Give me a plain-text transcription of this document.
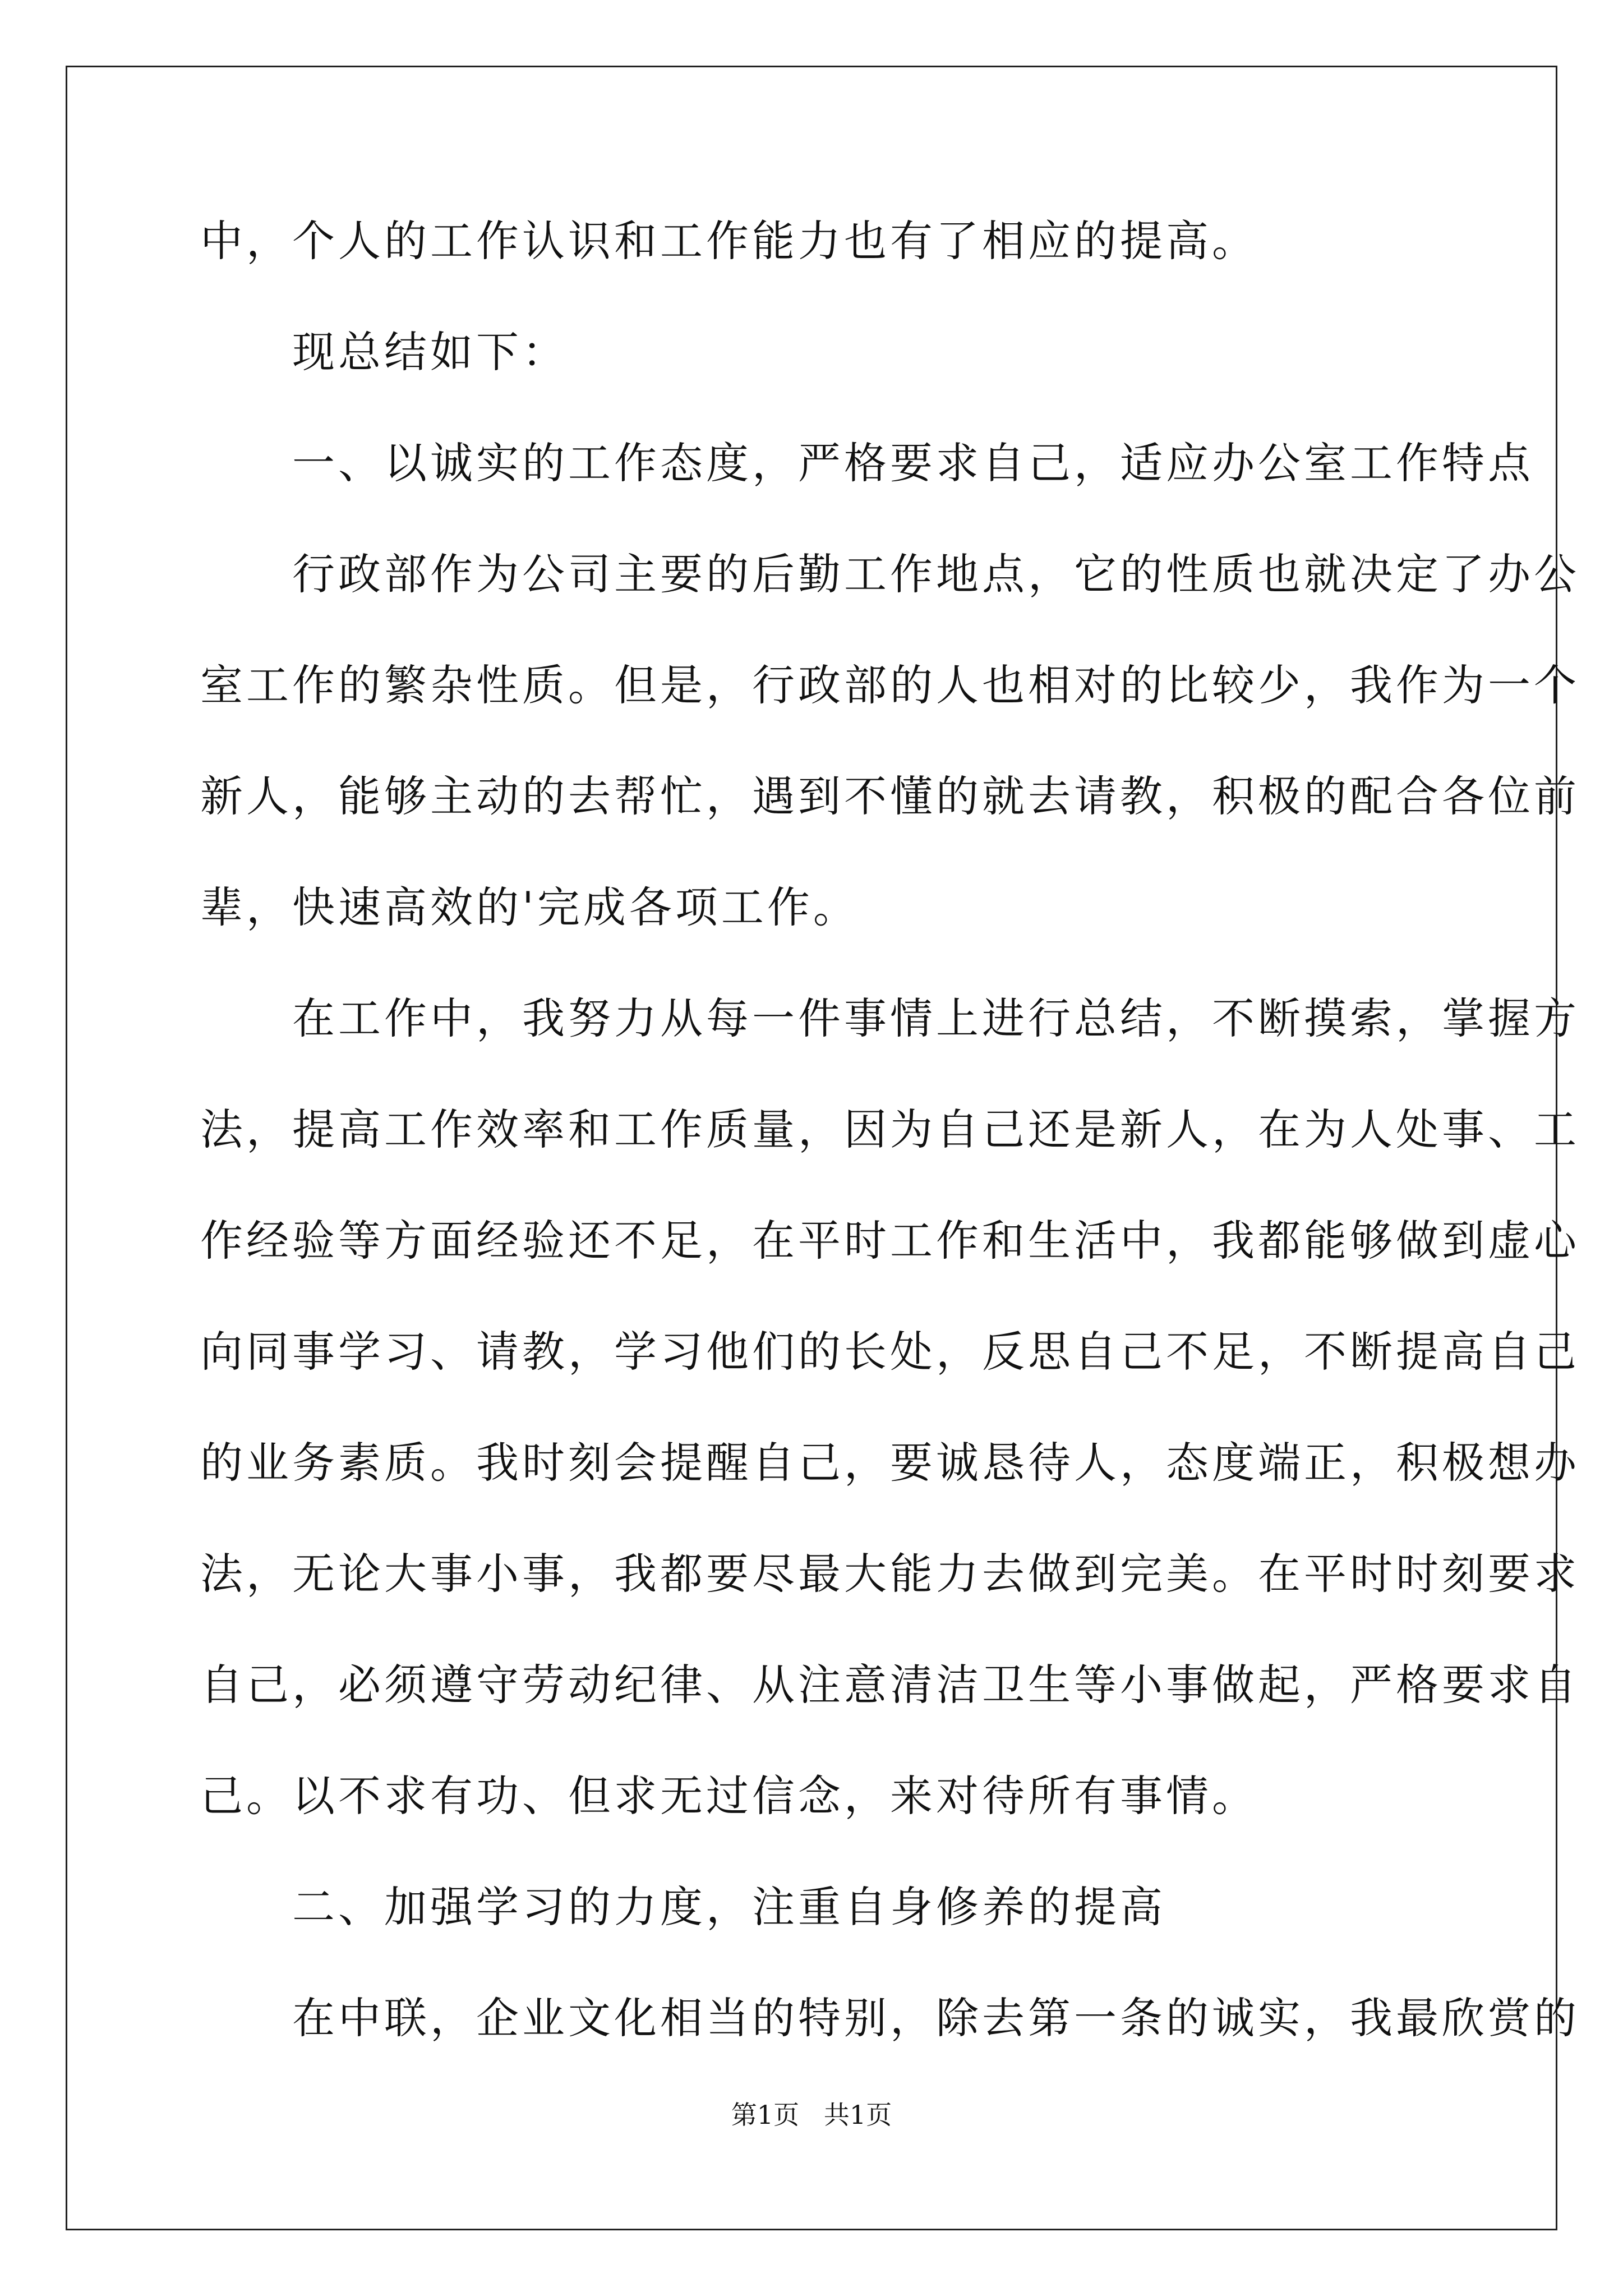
中，个人的工作认识和工作能力也有了相应的提高。
　　现总结如下：
　　一、以诚实的工作态度，严格要求自己，适应办公室工作特点
　　行政部作为公司主要的后勤工作地点，它的性质也就决定了办公
室工作的繁杂性质。但是，行政部的人也相对的比较少，我作为一个
新人，能够主动的去帮忙，遇到不懂的就去请教，积极的配合各位前
辈，快速高效的'完成各项工作。
　　在工作中，我努力从每一件事情上进行总结，不断摸索，掌握方
法，提高工作效率和工作质量，因为自己还是新人，在为人处事、工
作经验等方面经验还不足，在平时工作和生活中，我都能够做到虚心
向同事学习、请教，学习他们的长处，反思自己不足，不断提高自己
的业务素质。我时刻会提醒自己，要诚恳待人，态度端正，积极想办
法，无论大事小事，我都要尽最大能力去做到完美。在平时时刻要求
自己，必须遵守劳动纪律、从注意清洁卫生等小事做起，严格要求自
己。以不求有功、但求无过信念，来对待所有事情。
　　二、加强学习的力度，注重自身修养的提高
　　在中联，企业文化相当的特别，除去第一条的诚实，我最欣赏的
第1页   共1页
